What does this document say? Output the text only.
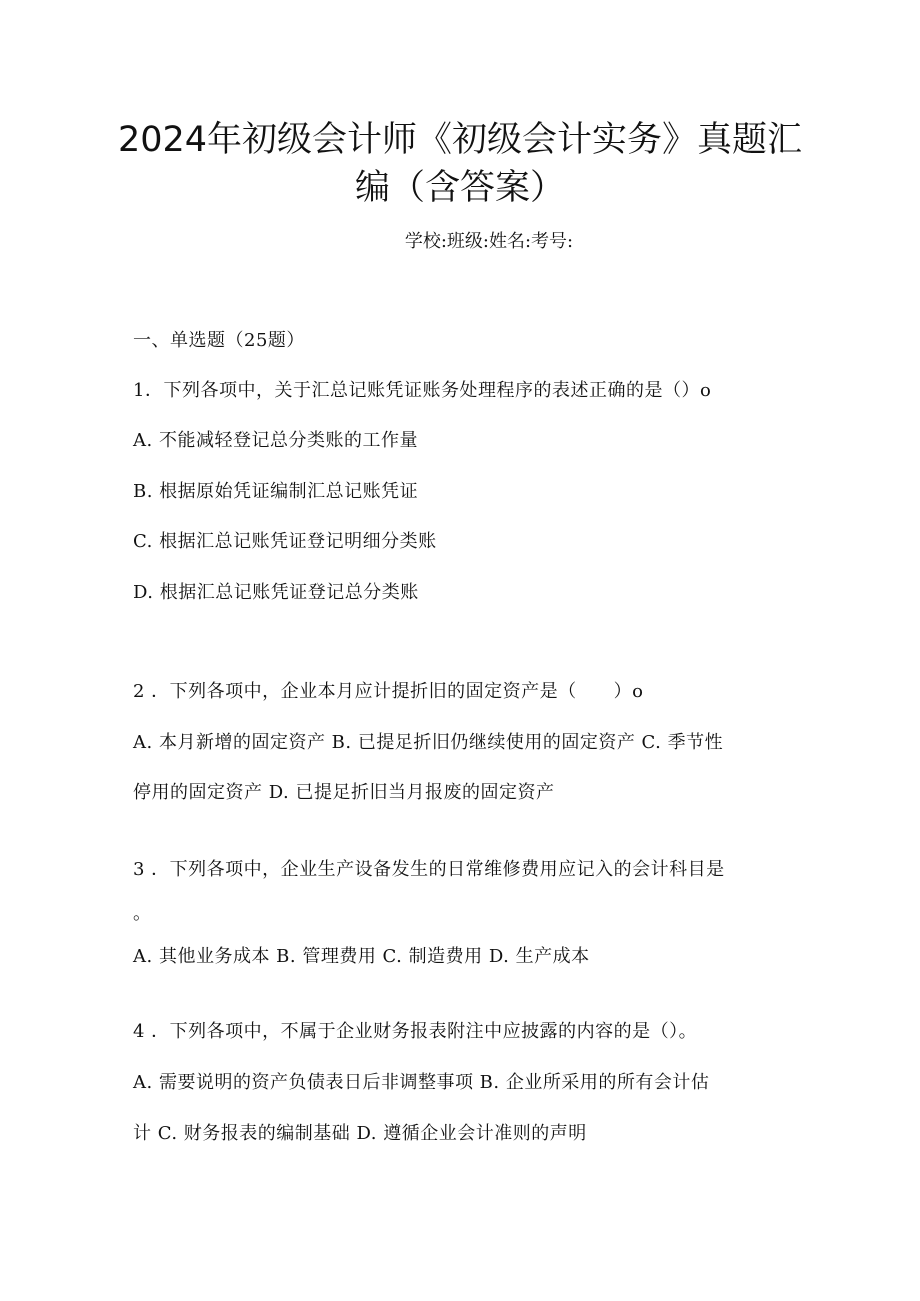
2024年初级会计师《初级会计实务》真题汇
编（含答案）
学校:班级:姓名:考号:
一、单选题（25题）
1．下列各项中，关于汇总记账凭证账务处理程序的表述正确的是（）o
A. 不能减轻登记总分类账的工作量
B. 根据原始凭证编制汇总记账凭证
C. 根据汇总记账凭证登记明细分类账
D. 根据汇总记账凭证登记总分类账
2 ．下列各项中，企业本月应计提折旧的固定资产是（　　）o
A. 本月新增的固定资产 B. 已提足折旧仍继续使用的固定资产 C. 季节性
停用的固定资产 D. 已提足折旧当月报废的固定资产
3 ．下列各项中，企业生产设备发生的日常维修费用应记入的会计科目是
。
A. 其他业务成本 B. 管理费用 C. 制造费用 D. 生产成本
4 ．下列各项中，不属于企业财务报表附注中应披露的内容的是（）。
A. 需要说明的资产负债表日后非调整事项 B. 企业所采用的所有会计估
计 C. 财务报表的编制基础 D. 遵循企业会计准则的声明
